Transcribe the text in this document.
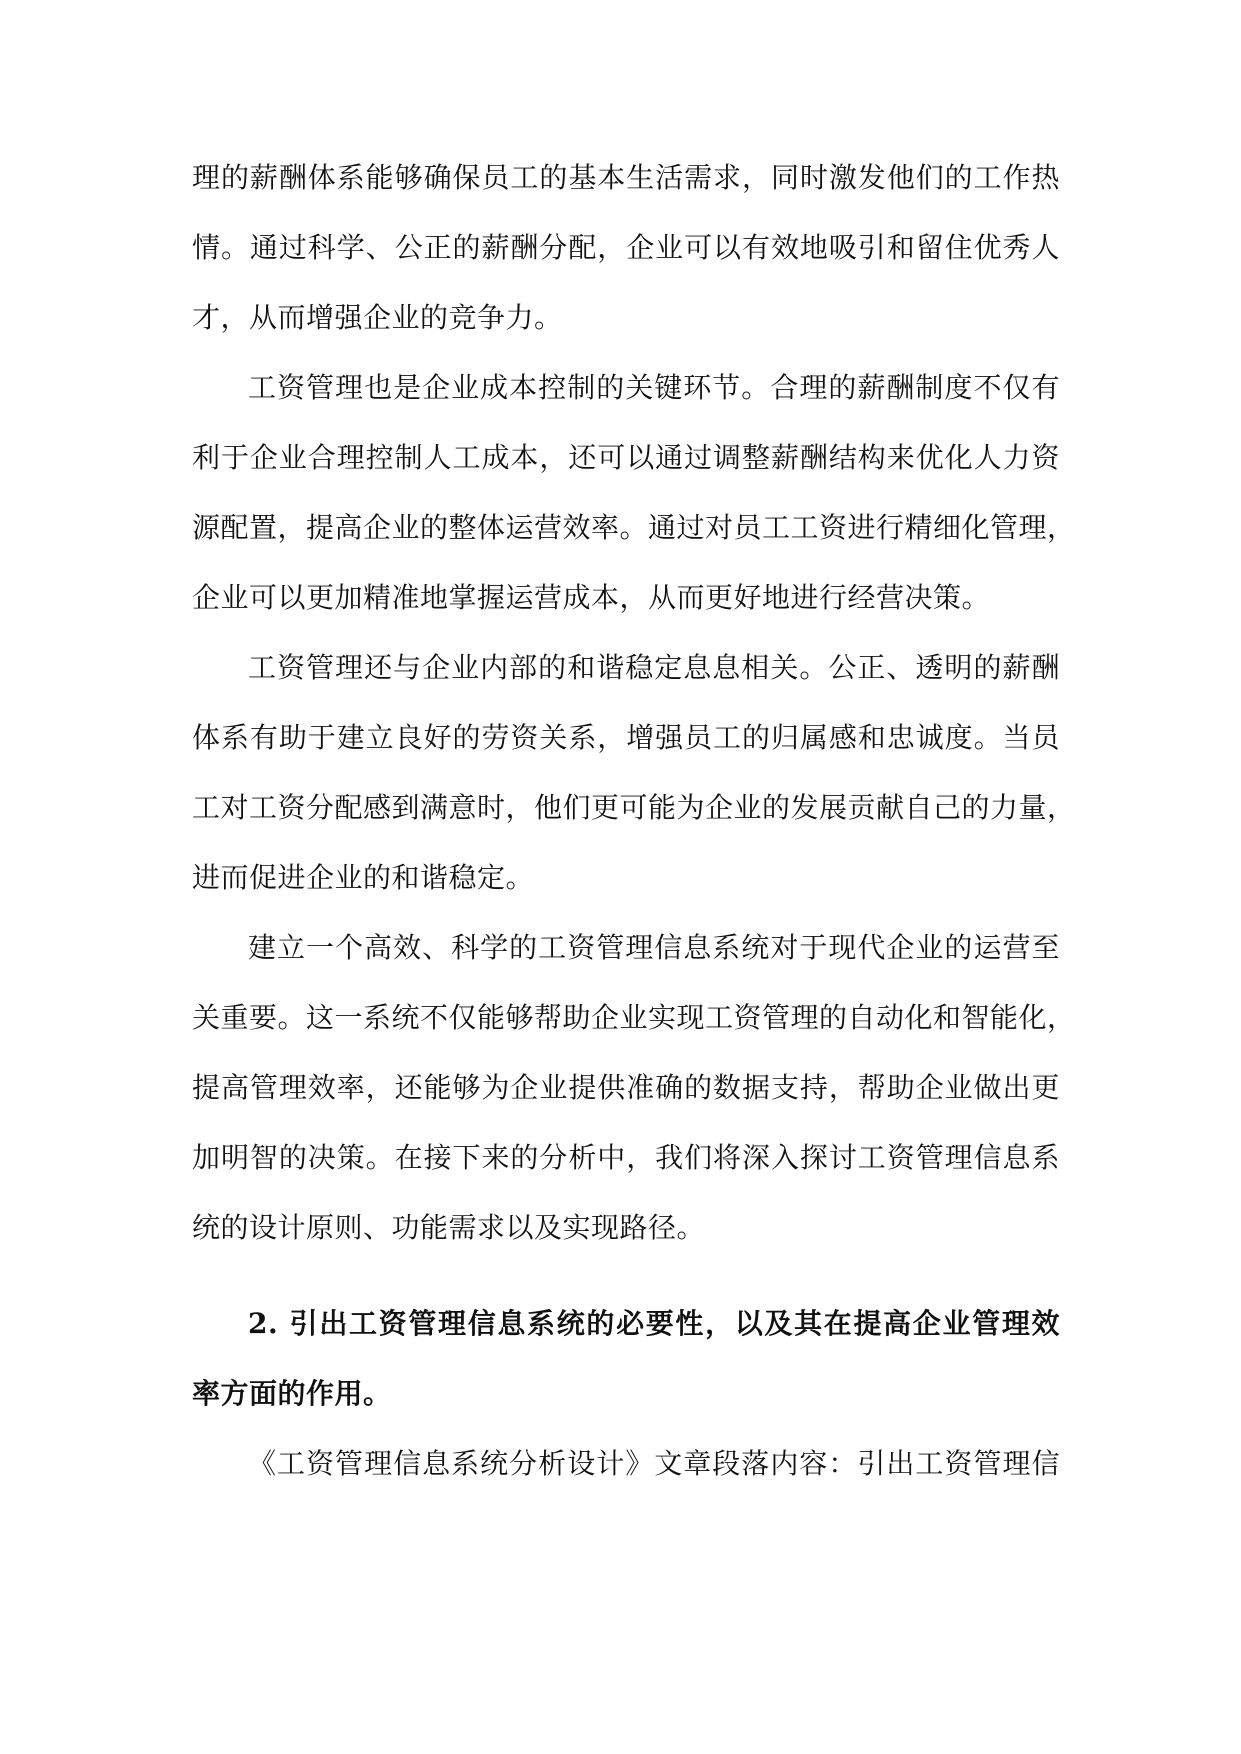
理的薪酬体系能够确保员工的基本生活需求，同时激发他们的工作热
情。通过科学、公正的薪酬分配，企业可以有效地吸引和留住优秀人
才，从而增强企业的竞争力。
工资管理也是企业成本控制的关键环节。合理的薪酬制度不仅有
利于企业合理控制人工成本，还可以通过调整薪酬结构来优化人力资
源配置，提高企业的整体运营效率。通过对员工工资进行精细化管理，
企业可以更加精准地掌握运营成本，从而更好地进行经营决策。
工资管理还与企业内部的和谐稳定息息相关。公正、透明的薪酬
体系有助于建立良好的劳资关系，增强员工的归属感和忠诚度。当员
工对工资分配感到满意时，他们更可能为企业的发展贡献自己的力量，
进而促进企业的和谐稳定。
建立一个高效、科学的工资管理信息系统对于现代企业的运营至
关重要。这一系统不仅能够帮助企业实现工资管理的自动化和智能化，
提高管理效率，还能够为企业提供准确的数据支持，帮助企业做出更
加明智的决策。在接下来的分析中，我们将深入探讨工资管理信息系
统的设计原则、功能需求以及实现路径。
2. 引出工资管理信息系统的必要性，以及其在提高企业管理效
率方面的作用。
《工资管理信息系统分析设计》文章段落内容：引出工资管理信
